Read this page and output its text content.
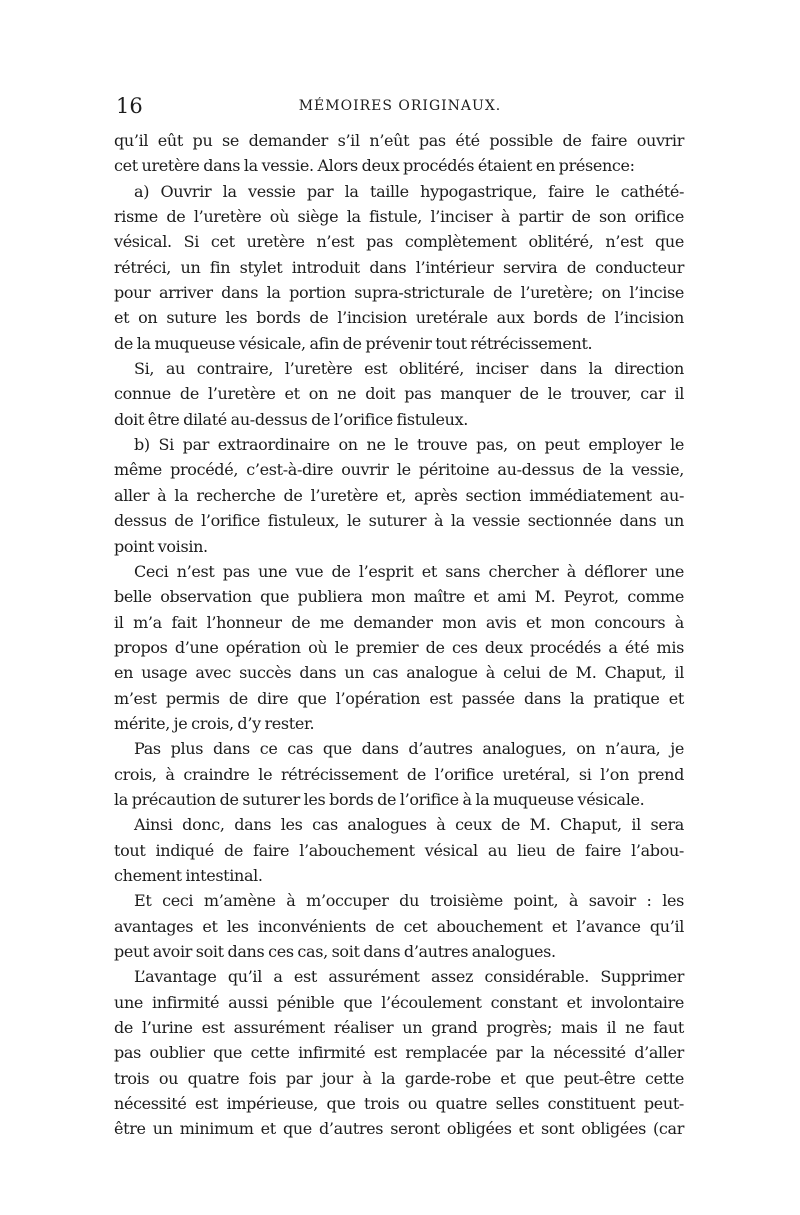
16	MÉMOIRES ORIGINAUX.

qu’il eût pu se demander s’il n’eût pas été possible de faire ouvrir
cet uretère dans la vessie. Alors deux procédés étaient en présence:

a) Ouvrir la vessie par la taille hypogastrique, faire le cathété-
risme de l’uretère où siège la fistule, l’inciser à partir de son orifice
vésical. Si cet uretère n’est pas complètement oblitéré, n’est que
rétréci, un fin stylet introduit dans l’intérieur servira de conducteur
pour arriver dans la portion supra-stricturale de l’uretère; on l’incise
et on suture les bords de l’incision uretérale aux bords de l’incision
de la muqueuse vésicale, afin de prévenir tout rétrécissement.

Si, au contraire, l’uretère est oblitéré, inciser dans la direction
connue de l’uretère et on ne doit pas manquer de le trouver, car il
doit être dilaté au-dessus de l’orifice fistuleux.

b) Si par extraordinaire on ne le trouve pas, on peut employer le
même procédé, c’est-à-dire ouvrir le péritoine au-dessus de la vessie,
aller à la recherche de l’uretère et, après section immédiatement au-
dessus de l’orifice fistuleux, le suturer à la vessie sectionnée dans un
point voisin.

Ceci n’est pas une vue de l’esprit et sans chercher à déflorer une
belle observation que publiera mon maître et ami M. Peyrot, comme
il m’a fait l’honneur de me demander mon avis et mon concours à
propos d’une opération où le premier de ces deux procédés a été mis
en usage avec succès dans un cas analogue à celui de M. Chaput, il
m’est permis de dire que l’opération est passée dans la pratique et
mérite, je crois, d’y rester.

Pas plus dans ce cas que dans d’autres analogues, on n’aura, je
crois, à craindre le rétrécissement de l’orifice uretéral, si l’on prend
la précaution de suturer les bords de l’orifice à la muqueuse vésicale.

Ainsi donc, dans les cas analogues à ceux de M. Chaput, il sera
tout indiqué de faire l’abouchement vésical au lieu de faire l’abou-
chement intestinal.

Et ceci m’amène à m’occuper du troisième point, à savoir : les
avantages et les inconvénients de cet abouchement et l’avance qu’il
peut avoir soit dans ces cas, soit dans d’autres analogues.

L’avantage qu’il a est assurément assez considérable. Supprimer
une infirmité aussi pénible que l’écoulement constant et involontaire
de l’urine est assurément réaliser un grand progrès; mais il ne faut
pas oublier que cette infirmité est remplacée par la nécessité d’aller
trois ou quatre fois par jour à la garde-robe et que peut-être cette
nécessité est impérieuse, que trois ou quatre selles constituent peut-
être un minimum et que d’autres seront obligées et sont obligées (car
